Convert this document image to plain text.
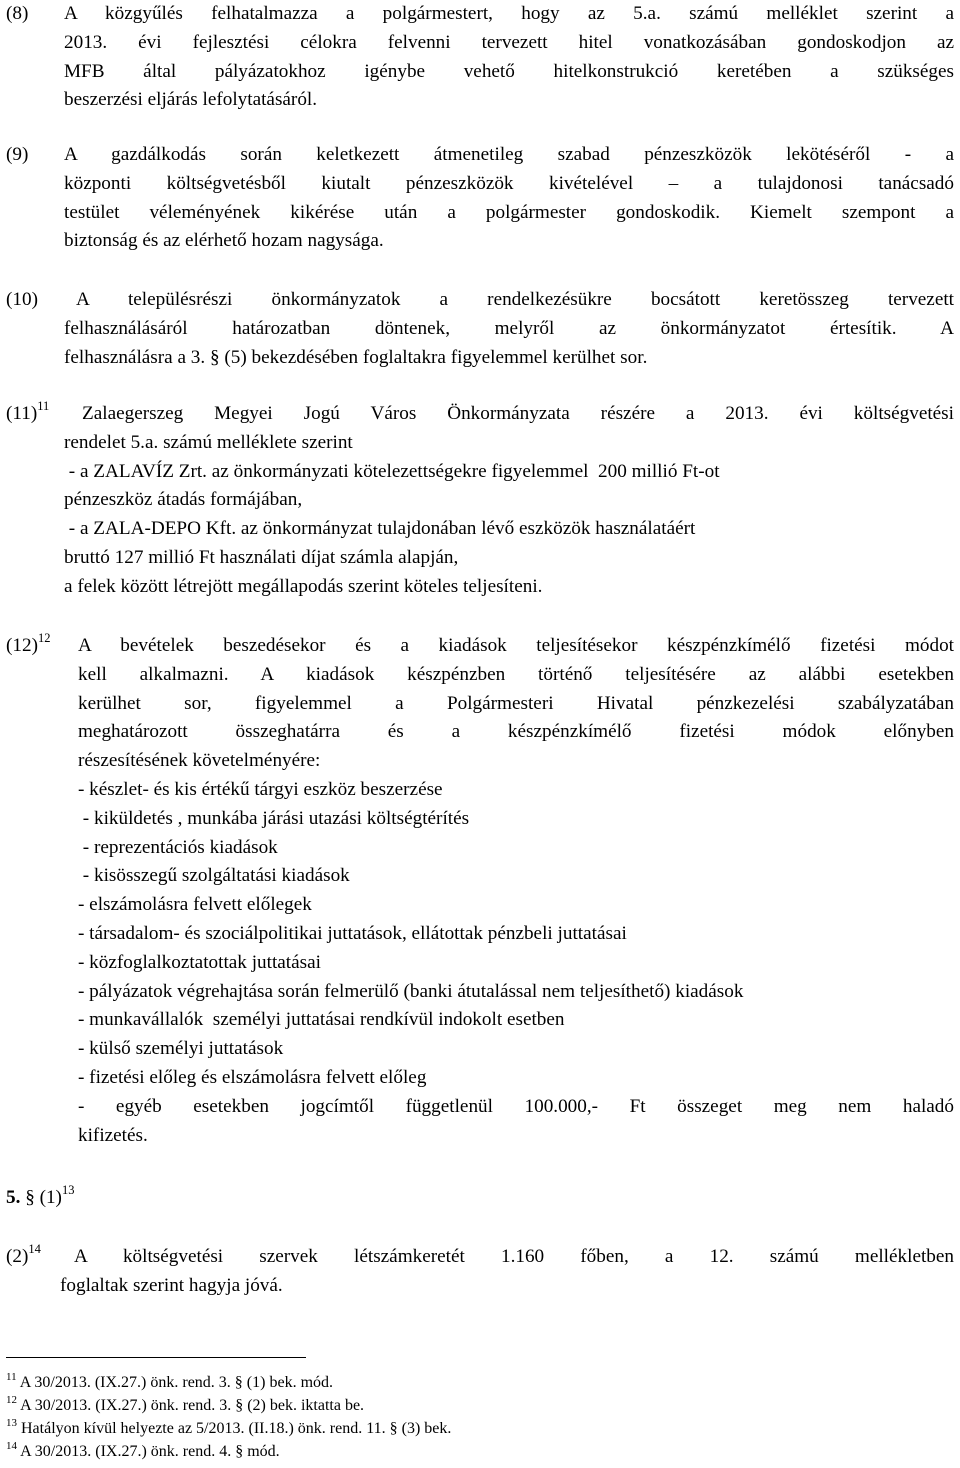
(8) A közgyűlés felhatalmazza a polgármestert, hogy az 5.a. számú melléklet szerint a
2013. évi fejlesztési célokra felvenni tervezett hitel vonatkozásában gondoskodjon az
MFB által pályázatokhoz igénybe vehető hitelkonstrukció keretében a szükséges
beszerzési eljárás lefolytatásáról.
(9) A gazdálkodás során keletkezett átmenetileg szabad pénzeszközök lekötéséről - a
központi költségvetésből kiutalt pénzeszközök kivételével – a tulajdonosi tanácsadó
testület véleményének kikérése után a polgármester gondoskodik. Kiemelt szempont a
biztonság és az elérhető hozam nagysága.
(10) A településrészi önkormányzatok a rendelkezésükre bocsátott keretösszeg tervezett
felhasználásáról határozatban döntenek, melyről az önkormányzatot értesítik. A
felhasználásra a 3. § (5) bekezdésében foglaltakra figyelemmel kerülhet sor.
$(11)^{11}$ Zalaegerszeg Megyei Jogú Város Önkormányzata részére a 2013. évi költségvetési
rendelet 5.a. számú melléklete szerint
- a ZALAVÍZ Zrt. az önkormányzati kötelezettségekre figyelemmel  200 millió Ft-ot
pénzeszköz átadás formájában,
- a ZALA-DEPO Kft. az önkormányzat tulajdonában lévő eszközök használatáért
bruttó 127 millió Ft használati díjat számla alapján,
a felek között létrejött megállapodás szerint köteles teljesíteni.
$(12)^{12}$ A bevételek beszedésekor és a kiadások teljesítésekor készpénzkímélő fizetési módot
kell alkalmazni. A kiadások készpénzben történő teljesítésére az alábbi esetekben
kerülhet sor, figyelemmel a Polgármesteri Hivatal pénzkezelési szabályzatában
meghatározott összeghatárra és a készpénzkímélő fizetési módok előnyben
részesítésének követelményére:
- készlet- és kis értékű tárgyi eszköz beszerzése
- kiküldetés , munkába járási utazási költségtérítés
- reprezentációs kiadások
- kisösszegű szolgáltatási kiadások
- elszámolásra felvett előlegek
- társadalom- és szociálpolitikai juttatások, ellátottak pénzbeli juttatásai
- közfoglalkoztatottak juttatásai
- pályázatok végrehajtása során felmerülő (banki átutalással nem teljesíthető) kiadások
- munkavállalók  személyi juttatásai rendkívül indokolt esetben
- külső személyi juttatások
- fizetési előleg és elszámolásra felvett előleg
- egyéb esetekben jogcímtől függetlenül 100.000,- Ft összeget meg nem haladó
kifizetés.
5. § $(1)^{13}$
$(2)^{14}$ A költségvetési szervek létszámkeretét 1.160 főben, a 12. számú mellékletben
foglaltak szerint hagyja jóvá.
$^{11}$ A 30/2013. (IX.27.) önk. rend. 3. § (1) bek. mód.
$^{12}$ A 30/2013. (IX.27.) önk. rend. 3. § (2) bek. iktatta be.
$^{13}$ Hatályon kívül helyezte az 5/2013. (II.18.) önk. rend. 11. § (3) bek.
$^{14}$ A 30/2013. (IX.27.) önk. rend. 4. § mód.
